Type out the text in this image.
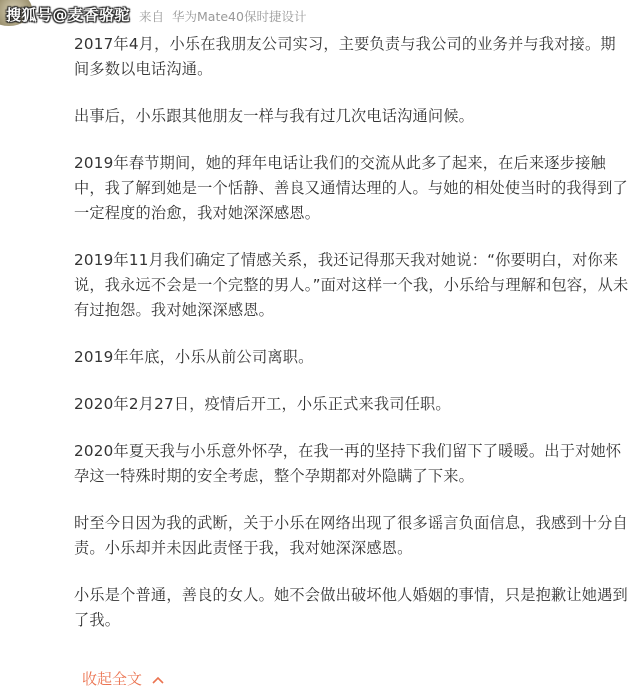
搜狐号@麦香骆驼 来自 华为Mate40保时捷设计

2017年4月，小乐在我朋友公司实习，主要负责与我公司的业务并与我对接。期间多数以电话沟通。

出事后，小乐跟其他朋友一样与我有过几次电话沟通问候。

2019年春节期间，她的拜年电话让我们的交流从此多了起来，在后来逐步接触中，我了解到她是一个恬静、善良又通情达理的人。与她的相处使当时的我得到了一定程度的治愈，我对她深深感恩。

2019年11月我们确定了情感关系，我还记得那天我对她说：“你要明白，对你来说，我永远不会是一个完整的男人。”面对这样一个我，小乐给与理解和包容，从未有过抱怨。我对她深深感恩。

2019年年底，小乐从前公司离职。

2020年2月27日，疫情后开工，小乐正式来我司任职。

2020年夏天我与小乐意外怀孕，在我一再的坚持下我们留下了暖暖。出于对她怀孕这一特殊时期的安全考虑，整个孕期都对外隐瞒了下来。

时至今日因为我的武断，关于小乐在网络出现了很多谣言负面信息，我感到十分自责。小乐却并未因此责怪于我，我对她深深感恩。

小乐是个普通，善良的女人。她不会做出破坏他人婚姻的事情，只是抱歉让她遇到了我。

收起全文
